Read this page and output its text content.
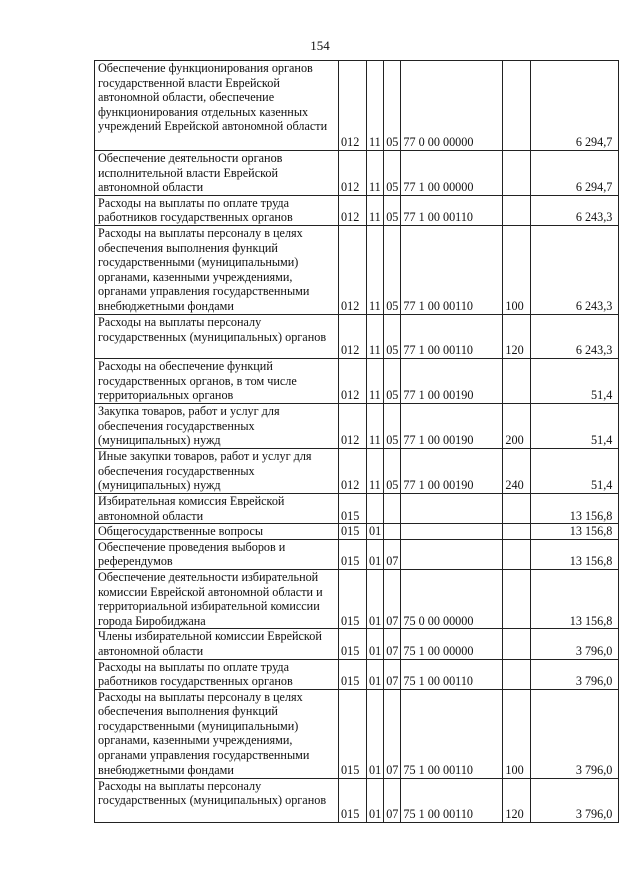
154
Обеспечение функционирования органов государственной власти Еврейской автономной области, обеспечение функционирования отдельных казенных учреждений Еврейской автономной области	012	11	05	77 0 00 00000		6 294,7
Обеспечение деятельности органов исполнительной власти Еврейской автономной области	012	11	05	77 1 00 00000		6 294,7
Расходы на выплаты по оплате труда работников государственных органов	012	11	05	77 1 00 00110		6 243,3
Расходы на выплаты персоналу в целях обеспечения выполнения функций государственными (муниципальными) органами, казенными учреждениями, органами управления государственными внебюджетными фондами	012	11	05	77 1 00 00110	100	6 243,3
Расходы на выплаты персоналу государственных (муниципальных) органов	012	11	05	77 1 00 00110	120	6 243,3
Расходы на обеспечение функций государственных органов, в том числе территориальных органов	012	11	05	77 1 00 00190		51,4
Закупка товаров, работ и услуг для обеспечения государственных (муниципальных) нужд	012	11	05	77 1 00 00190	200	51,4
Иные закупки товаров, работ и услуг для обеспечения государственных (муниципальных) нужд	012	11	05	77 1 00 00190	240	51,4
Избирательная комиссия Еврейской автономной области	015					13 156,8
Общегосударственные вопросы	015	01				13 156,8
Обеспечение проведения выборов и референдумов	015	01	07			13 156,8
Обеспечение деятельности избирательной комиссии Еврейской автономной области и территориальной избирательной комиссии города Биробиджана	015	01	07	75 0 00 00000		13 156,8
Члены избирательной комиссии Еврейской автономной области	015	01	07	75 1 00 00000		3 796,0
Расходы на выплаты по оплате труда работников государственных органов	015	01	07	75 1 00 00110		3 796,0
Расходы на выплаты персоналу в целях обеспечения выполнения функций государственными (муниципальными) органами, казенными учреждениями, органами управления государственными внебюджетными фондами	015	01	07	75 1 00 00110	100	3 796,0
Расходы на выплаты персоналу государственных (муниципальных) органов	015	01	07	75 1 00 00110	120	3 796,0
